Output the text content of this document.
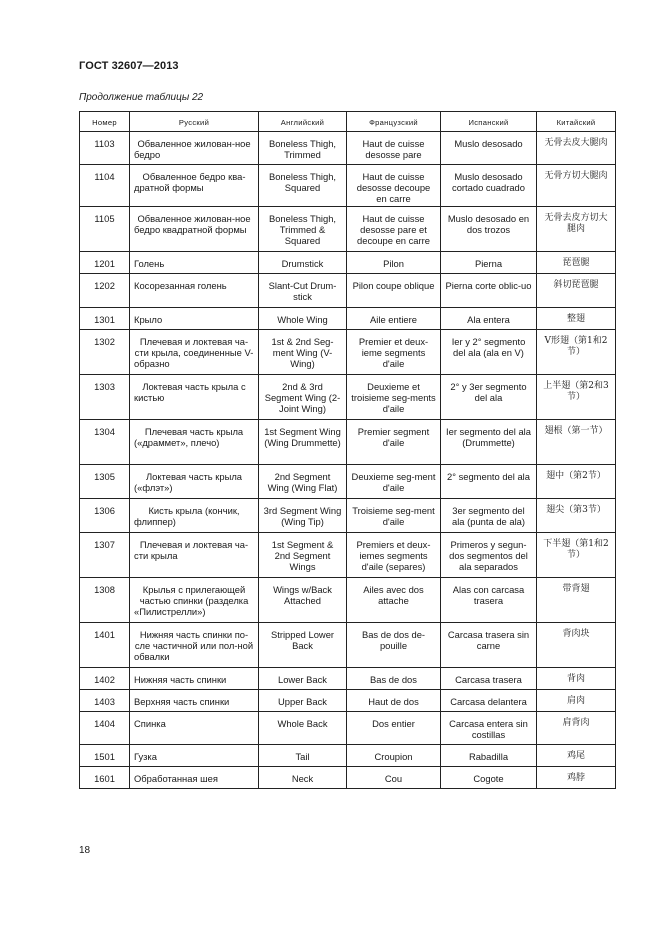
ГОСТ 32607—2013
Продолжение таблицы 22
Номер	Русский	Английский	Французский	Испанский	Китайский
1103	Обваленное жилован-ное бедро	Boneless Thigh, Trimmed	Haut de cuisse desosse pare	Muslo desosado	无骨去皮大腿肉
1104	Обваленное бедро ква-дратной формы	Boneless Thigh, Squared	Haut de cuisse desosse decoupe en carre	Muslo desosado cortado cuadrado	无骨方切大腿肉
1105	Обваленное жилован-ное бедро квадратной формы	Boneless Thigh, Trimmed & Squared	Haut de cuisse desosse pare et decoupe en carre	Muslo desosado en dos trozos	无骨去皮方切大腿肉
1201	Голень	Drumstick	Pilon	Pierna	琵琶腿
1202	Косорезанная голень	Slant-Cut Drum-stick	Pilon coupe oblique	Pierna corte oblic-uo	斜切琵琶腿
1301	Крыло	Whole Wing	Aile entiere	Ala entera	整翅
1302	Плечевая и локтевая ча-сти крыла, соединенные V-образно	1st & 2nd Seg-ment Wing (V-Wing)	Premier et deux-ieme segments d'aile	Ier y 2° segmento del ala (ala en V)	V形翅（第1和2节）
1303	Локтевая часть крыла с кистью	2nd & 3rd Segment Wing (2-Joint Wing)	Deuxieme et troisieme seg-ments d'aile	2° y 3er segmento del ala	上半翅（第2和3节）
1304	Плечевая часть крыла («драммет», плечо)	1st Segment Wing (Wing Drummette)	Premier segment d'aile	Ier segmento del ala (Drummette)	翅根（第一节）
1305	Локтевая часть крыла («флэт»)	2nd Segment Wing (Wing Flat)	Deuxieme seg-ment d'aile	2° segmento del ala	翅中（第2节）
1306	Кисть крыла (кончик, флиппер)	3rd Segment Wing (Wing Tip)	Troisieme seg-ment d'aile	3er segmento del ala (punta de ala)	翅尖（第3节）
1307	Плечевая и локтевая ча-сти крыла	1st Segment & 2nd Segment Wings	Premiers et deux-iemes segments d'aile (separes)	Primeros y segun-dos segmentos del ala separados	下半翅（第1和2节）
1308	Крылья с прилегающей частью спинки (разделка «Пилистрелли»)	Wings w/Back Attached	Ailes avec dos attache	Alas con carcasa trasera	带背翅
1401	Нижняя часть спинки по-сле частичной или пол-ной обвалки	Stripped Lower Back	Bas de dos de-pouille	Carcasa trasera sin carne	背肉块
1402	Нижняя часть спинки	Lower Back	Bas de dos	Carcasa trasera	背肉
1403	Верхняя часть спинки	Upper Back	Haut de dos	Carcasa delantera	肩肉
1404	Спинка	Whole Back	Dos entier	Carcasa entera sin costillas	肩背肉
1501	Гузка	Tail	Croupion	Rabadilla	鸡尾
1601	Обработанная шея	Neck	Cou	Cogote	鸡脖
18
